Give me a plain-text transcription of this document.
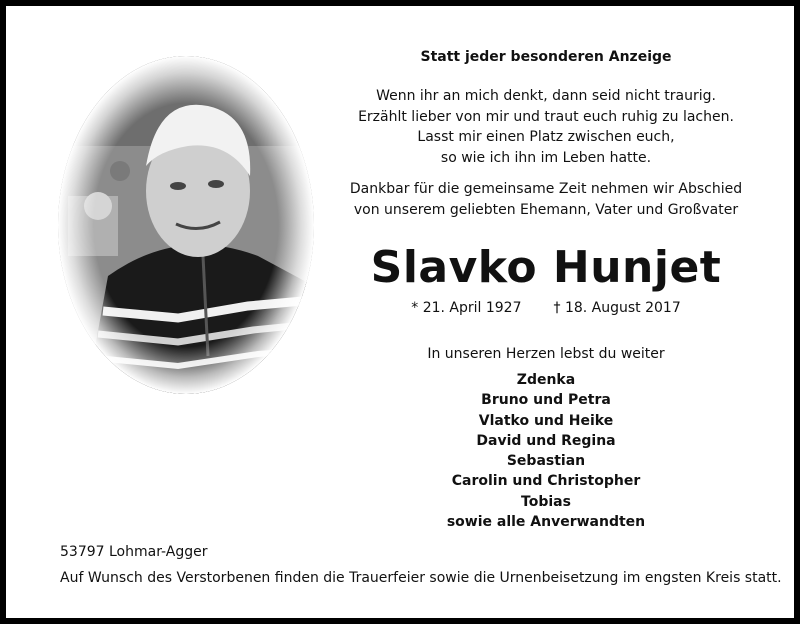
Statt jeder besonderen Anzeige
Wenn ihr an mich denkt, dann seid nicht traurig.
Erzählt lieber von mir und traut euch ruhig zu lachen.
Lasst mir einen Platz zwischen euch,
so wie ich ihn im Leben hatte.
Dankbar für die gemeinsame Zeit nehmen wir Abschied
von unserem geliebten Ehemann, Vater und Großvater
Slavko Hunjet
* 21. April 1927 † 18. August 2017
In unseren Herzen lebst du weiter
Zdenka
Bruno und Petra
Vlatko und Heike
David und Regina
Sebastian
Carolin und Christopher
Tobias
sowie alle Anverwandten
53797 Lohmar-Agger
Auf Wunsch des Verstorbenen finden die Trauerfeier sowie die Urnenbeisetzung im engsten Kreis statt.
